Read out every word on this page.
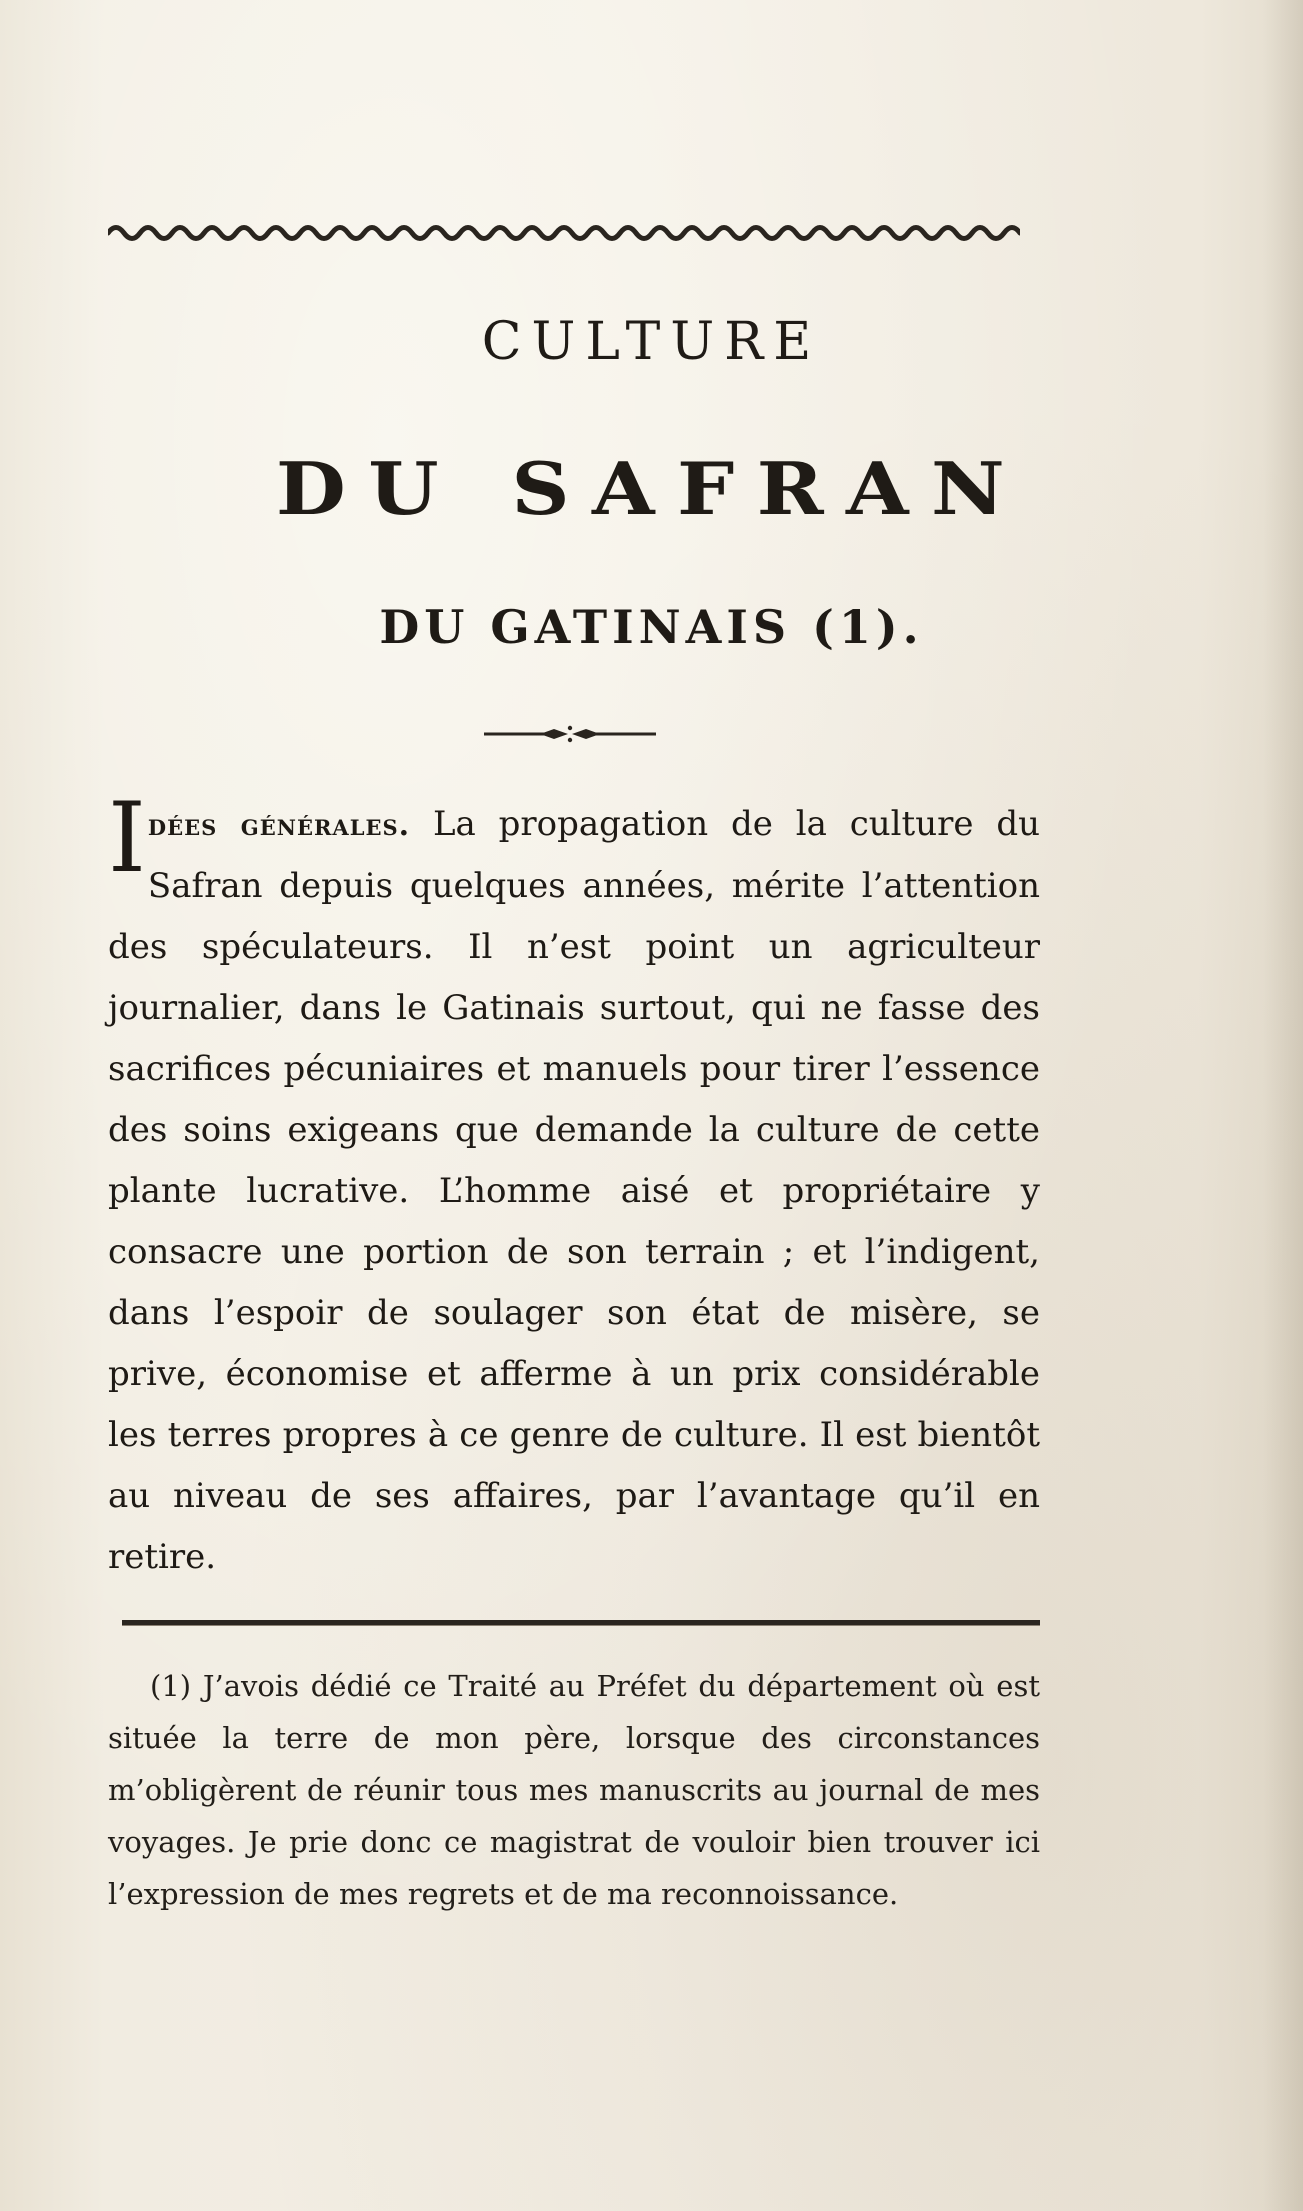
CULTURE
DU SAFRAN
DU GATINAIS (1).

Idées générales. La propagation de la culture du Safran depuis quelques années, mérite l’attention des spéculateurs. Il n’est point un agriculteur journalier, dans le Gatinais surtout, qui ne fasse des sacrifices pécuniaires et manuels pour tirer l’essence des soins exigeans que demande la culture de cette plante lucrative. L’homme aisé et propriétaire y consacre une portion de son terrain ; et l’indigent, dans l’espoir de soulager son état de misère, se prive, économise et afferme à un prix considérable les terres propres à ce genre de culture. Il est bientôt au niveau de ses affaires, par l’avantage qu’il en retire.

(1) J’avois dédié ce Traité au Préfet du département où est située la terre de mon père, lorsque des circonstances m’obligèrent de réunir tous mes manuscrits au journal de mes voyages. Je prie donc ce magistrat de vouloir bien trouver ici l’expression de mes regrets et de ma reconnoissance.
